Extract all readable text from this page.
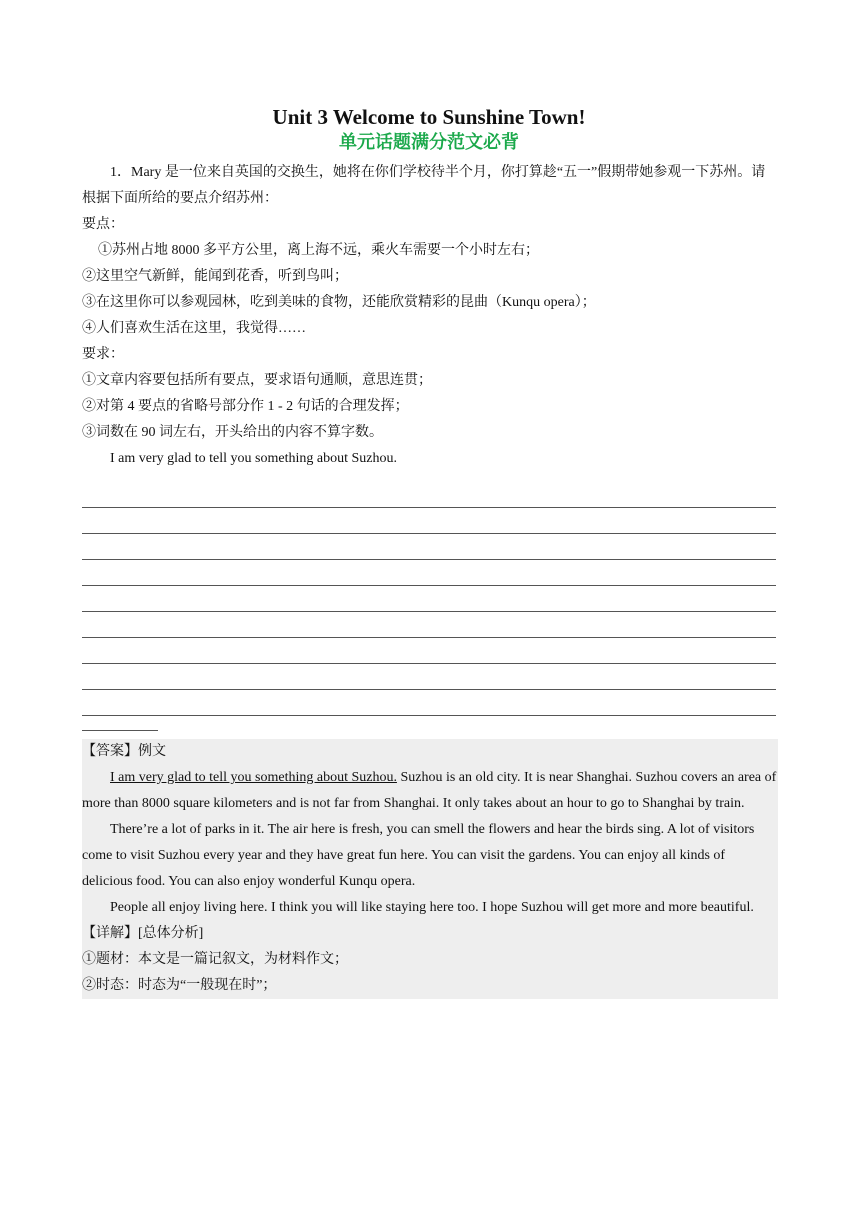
Unit 3 Welcome to Sunshine Town!
单元话题满分范文必背

1．Mary 是一位来自英国的交换生，她将在你们学校待半个月，你打算趁“五一”假期带她参观一下苏州。请根据下面所给的要点介绍苏州：

要点：

①苏州占地 8000 多平方公里，离上海不远，乘火车需要一个小时左右；

②这里空气新鲜，能闻到花香，听到鸟叫；

③在这里你可以参观园林，吃到美味的食物，还能欣赏精彩的昆曲（Kunqu opera）；

④人们喜欢生活在这里，我觉得……

要求：

①文章内容要包括所有要点，要求语句通顺，意思连贯；

②对第 4 要点的省略号部分作 1 - 2 句话的合理发挥；

③词数在 90 词左右，开头给出的内容不算字数。

I am very glad to tell you something about Suzhou.

【答案】例文

I am very glad to tell you something about Suzhou. Suzhou is an old city. It is near Shanghai. Suzhou covers an area of more than 8000 square kilometers and is not far from Shanghai. It only takes about an hour to go to Shanghai by train.

There’re a lot of parks in it. The air here is fresh, you can smell the flowers and hear the birds sing. A lot of visitors come to visit Suzhou every year and they have great fun here. You can visit the gardens. You can enjoy all kinds of delicious food. You can also enjoy wonderful Kunqu opera.

People all enjoy living here. I think you will like staying here too. I hope Suzhou will get more and more beautiful.

【详解】[总体分析]

①题材：本文是一篇记叙文，为材料作文；

②时态：时态为“一般现在时”；
